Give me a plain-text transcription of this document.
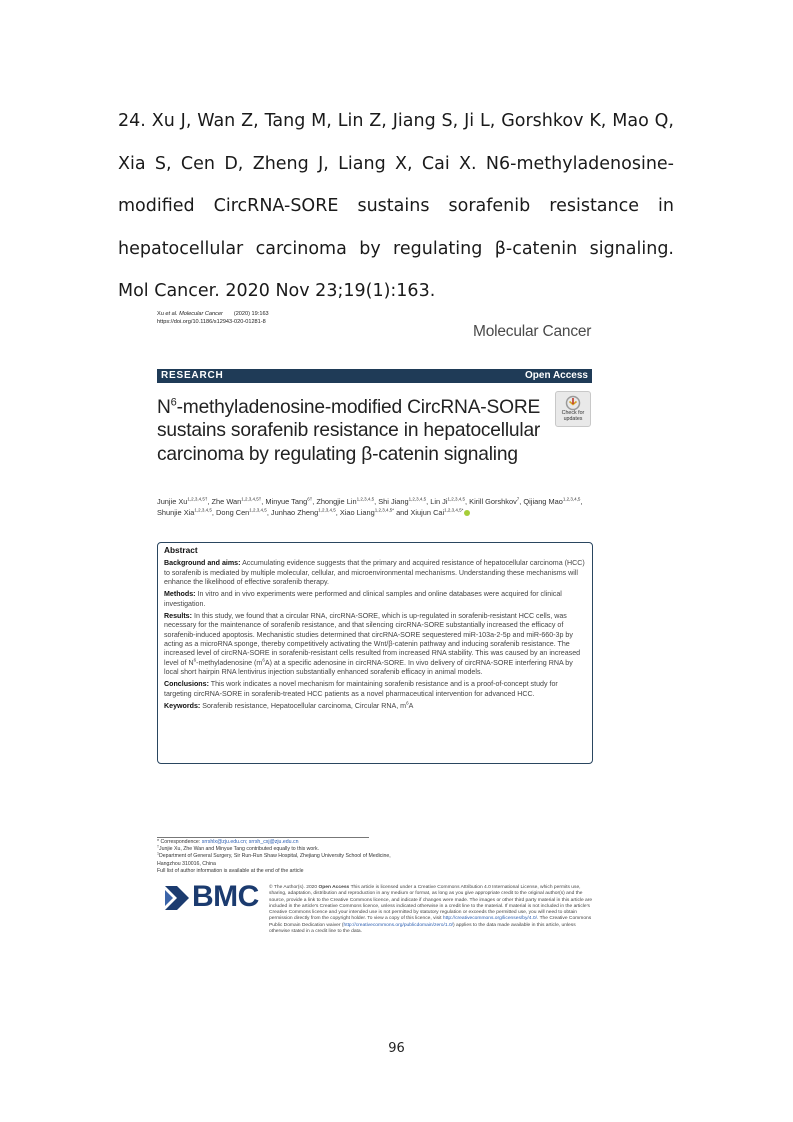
24. Xu J, Wan Z, Tang M, Lin Z, Jiang S, Ji L, Gorshkov K, Mao Q, Xia S, Cen D, Zheng J, Liang X, Cai X. N6-methyladenosine-modified CircRNA-SORE sustains sorafenib resistance in hepatocellular carcinoma by regulating β-catenin signaling. Mol Cancer. 2020 Nov 23;19(1):163.
Xu et al. Molecular Cancer (2020) 19:163
https://doi.org/10.1186/s12943-020-01281-8
Molecular Cancer
RESEARCH	Open Access
Check for
updates
$N^6-methyladenosine$-modified CircRNA-SORE sustains sorafenib resistance in hepatocellular carcinoma by regulating β-catenin signaling
Junjie $Xu^{1,2,3,4,5\dagger}$, Zhe Wan$^{1,2,3,4,5\dagger}$, Minyue Tang$^{6\dagger}$, Zhongjie Lin$^{1,2,3,4,5}$, Shi Jiang$^{1,2,3,4,5}$, Lin Ji$^{1,2,3,4,5}$, Kirill Gorshkov$^7$, Qijiang Mao$^{1,2,3,4,5}$, Shunjie Xia$^{1,2,3,4,5}$, Dong Cen$^{1,2,3,4,5}$, Junhao Zheng$^{1,2,3,4,5}$, Xiao Liang$^{1,2,3,4,5*}$ and Xiujun Cai$^{1,2,3,4,5*}$
Abstract

Background and aims: Accumulating evidence suggests that the primary and acquired resistance of hepatocellular carcinoma (HCC) to sorafenib is mediated by multiple molecular, cellular, and microenvironmental mechanisms. Understanding these mechanisms will enhance the likelihood of effective sorafenib therapy.

Methods: In vitro and in vivo experiments were performed and clinical samples and online databases were acquired for clinical investigation.

Results: In this study, we found that a circular RNA, circRNA-SORE, which is up-regulated in sorafenib-resistant HCC cells, was necessary for the maintenance of sorafenib resistance, and that silencing circRNA-SORE substantially increased the efficacy of sorafenib-induced apoptosis. Mechanistic studies determined that circRNA-SORE sequestered miR-103a-2-5p and miR-660-3p by acting as a microRNA sponge, thereby competitively activating the Wnt/β-catenin pathway and inducing sorafenib resistance. The increased level of circRNA-SORE in sorafenib-resistant cells resulted from increased RNA stability. This was caused by an increased level of $N^6$-methyladenosine $(m^6A)$ at a specific adenosine in circRNA-SORE. In vivo delivery of circRNA-SORE interfering RNA by local short hairpin RNA lentivirus injection substantially enhanced sorafenib efficacy in animal models.

Conclusions: This work indicates a novel mechanism for maintaining sorafenib resistance and is a proof-of-concept study for targeting circRNA-SORE in sorafenib-treated HCC patients as a novel pharmaceutical intervention for advanced HCC.

Keywords: Sorafenib resistance, Hepatocellular carcinoma, Circular RNA, $m^6A$

* Correspondence: srrshlx@zju.edu.cn; srrsh_cxj@zju.edu.cn
†Junjie Xu, Zhe Wan and Minyue Tang contributed equally to this work.
$^1$Department of General Surgery, Sir Run-Run Shaw Hospital, Zhejiang University School of Medicine, Hangzhou 310016, China
Full list of author information is available at the end of the article
BMC © The Author(s). 2020 Open Access This article is licensed under a Creative Commons Attribution 4.0 International License, which permits use, sharing, adaptation, distribution and reproduction in any medium or format, as long as you give appropriate credit to the original author(s) and the source, provide a link to the Creative Commons licence, and indicate if changes were made. The images or other third party material in this article are included in the article's Creative Commons licence, unless indicated otherwise in a credit line to the material. If material is not included in the article's Creative Commons licence and your intended use is not permitted by statutory regulation or exceeds the permitted use, you will need to obtain permission directly from the copyright holder. To view a copy of this licence, visit http://creativecommons.org/licenses/by/4.0/. The Creative Commons Public Domain Dedication waiver (http://creativecommons.org/publicdomain/zero/1.0/) applies to the data made available in this article, unless otherwise stated in a credit line to the data.
96
